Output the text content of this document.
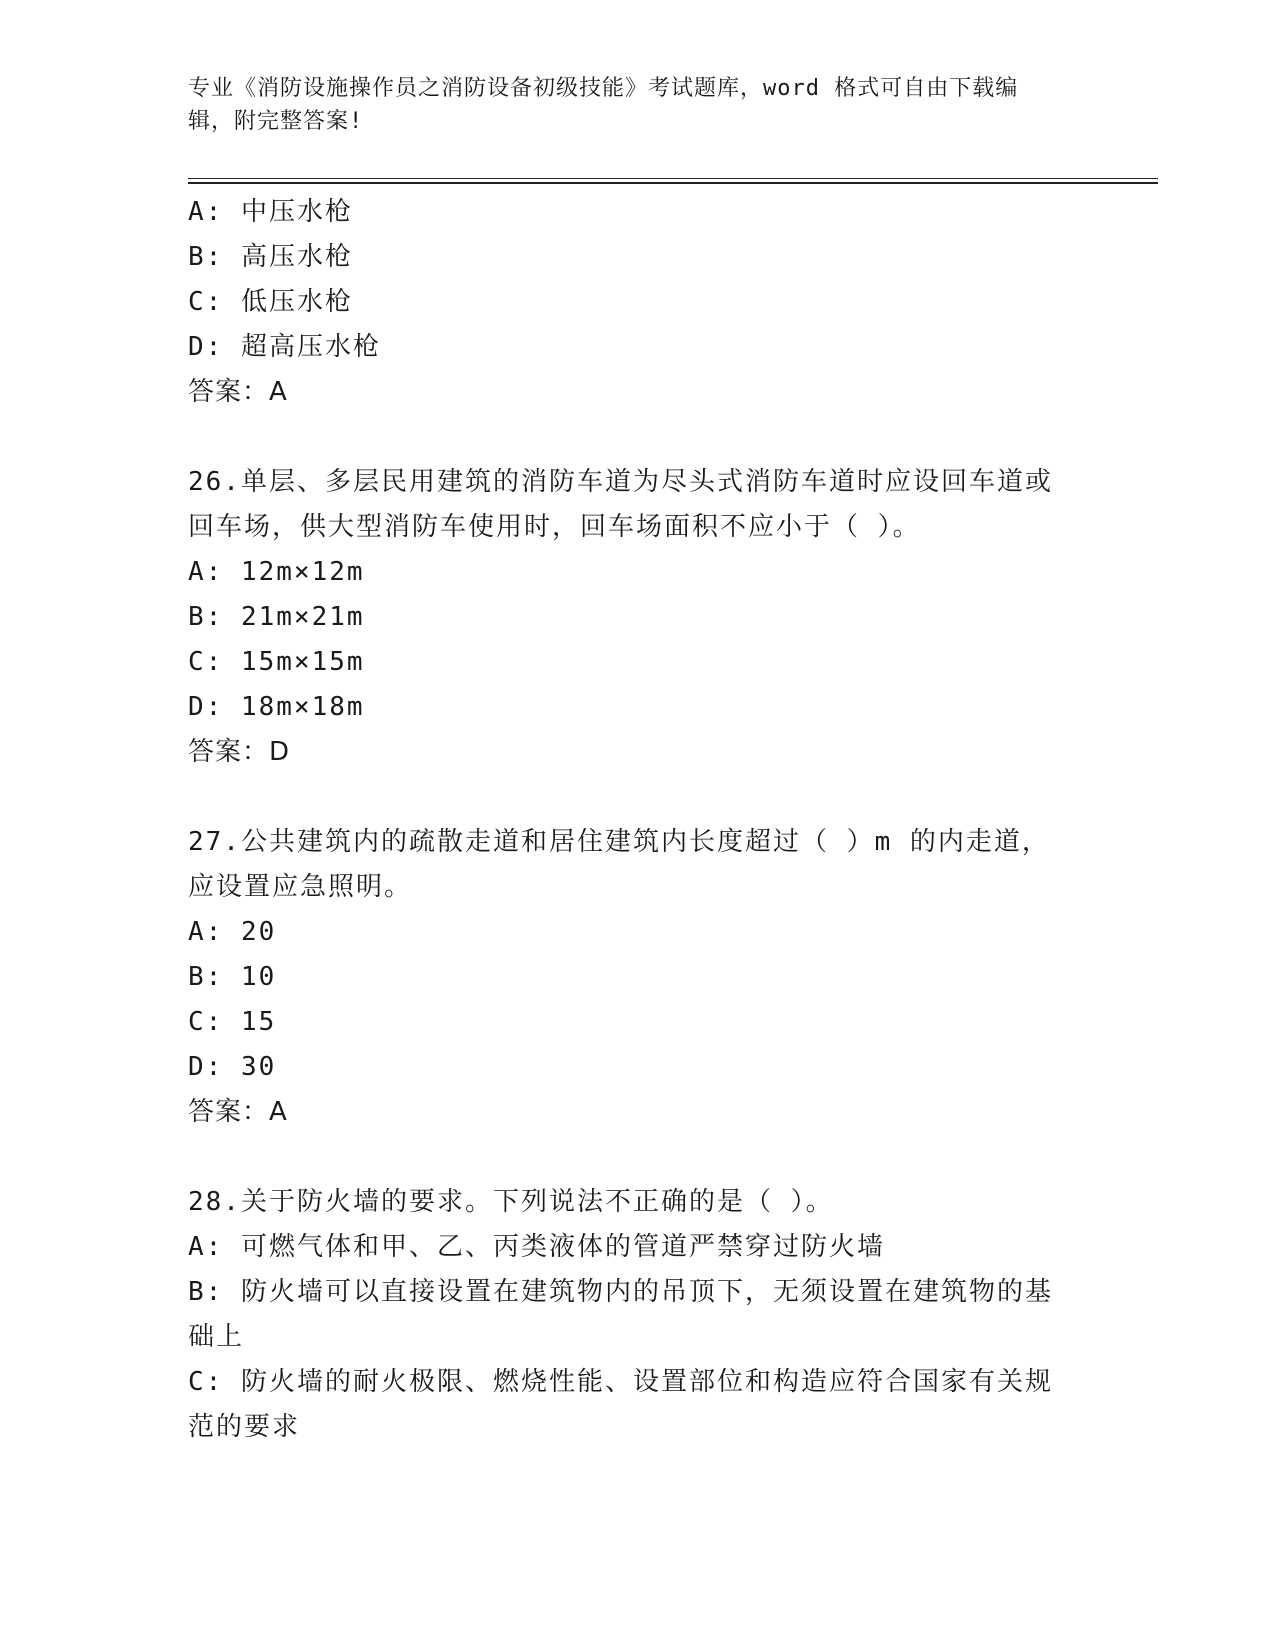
专业《消防设施操作员之消防设备初级技能》考试题库，word 格式可自由下载编
辑，附完整答案!
A: 中压水枪
B: 高压水枪
C: 低压水枪
D: 超高压水枪
答案：A
26.单层、多层民用建筑的消防车道为尽头式消防车道时应设回车道或
回车场，供大型消防车使用时，回车场面积不应小于（ ）。
A: 12m×12m
B: 21m×21m
C: 15m×15m
D: 18m×18m
答案：D
27.公共建筑内的疏散走道和居住建筑内长度超过（ ）m 的内走道，
应设置应急照明。
A: 20
B: 10
C: 15
D: 30
答案：A
28.关于防火墙的要求。下列说法不正确的是（ ）。
A: 可燃气体和甲、乙、丙类液体的管道严禁穿过防火墙
B: 防火墙可以直接设置在建筑物内的吊顶下，无须设置在建筑物的基
础上
C: 防火墙的耐火极限、燃烧性能、设置部位和构造应符合国家有关规
范的要求
